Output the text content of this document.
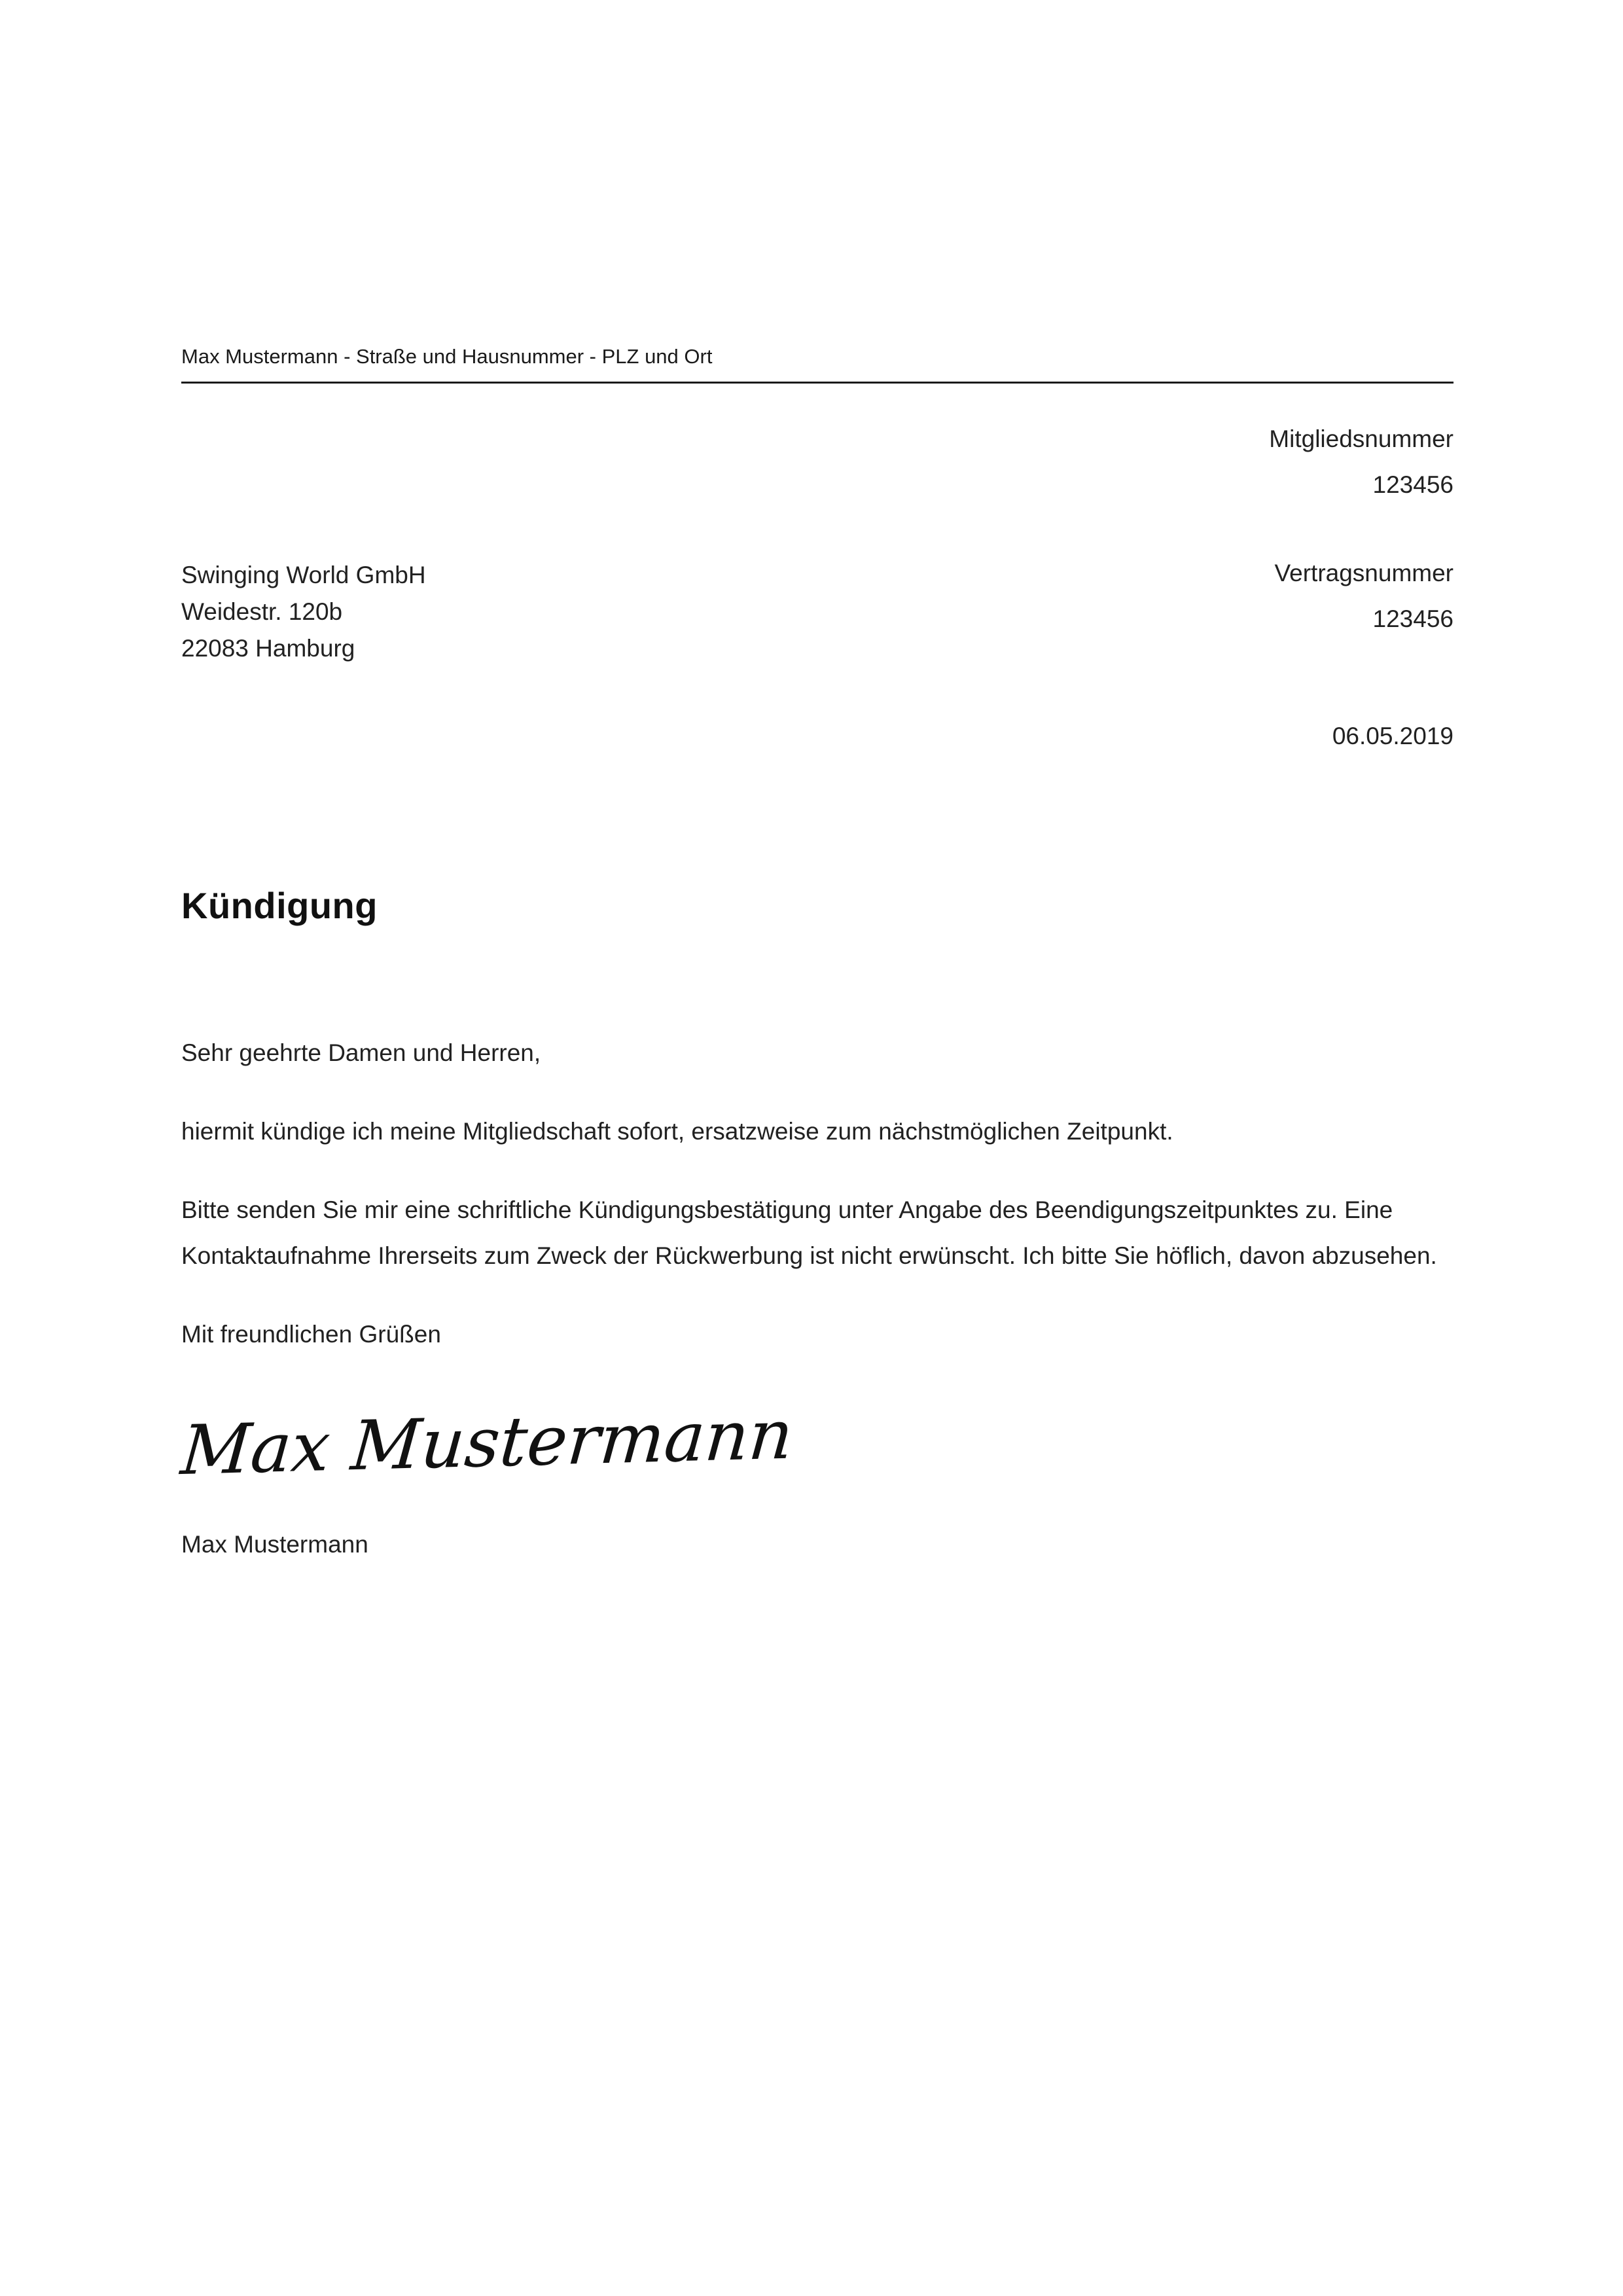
Max Mustermann - Straße und Hausnummer - PLZ und Ort
Mitgliedsnummer
123456
Swinging World GmbH
Weidestr. 120b
22083 Hamburg
Vertragsnummer
123456
06.05.2019
Kündigung
Sehr geehrte Damen und Herren,

hiermit kündige ich meine Mitgliedschaft sofort, ersatzweise zum nächstmöglichen Zeitpunkt.

Bitte senden Sie mir eine schriftliche Kündigungsbestätigung unter Angabe des Beendigungszeitpunktes zu. Eine Kontaktaufnahme Ihrerseits zum Zweck der Rückwerbung ist nicht erwünscht. Ich bitte Sie höflich, davon abzusehen.

Mit freundlichen Grüßen
Max Mustermann
Max Mustermann
